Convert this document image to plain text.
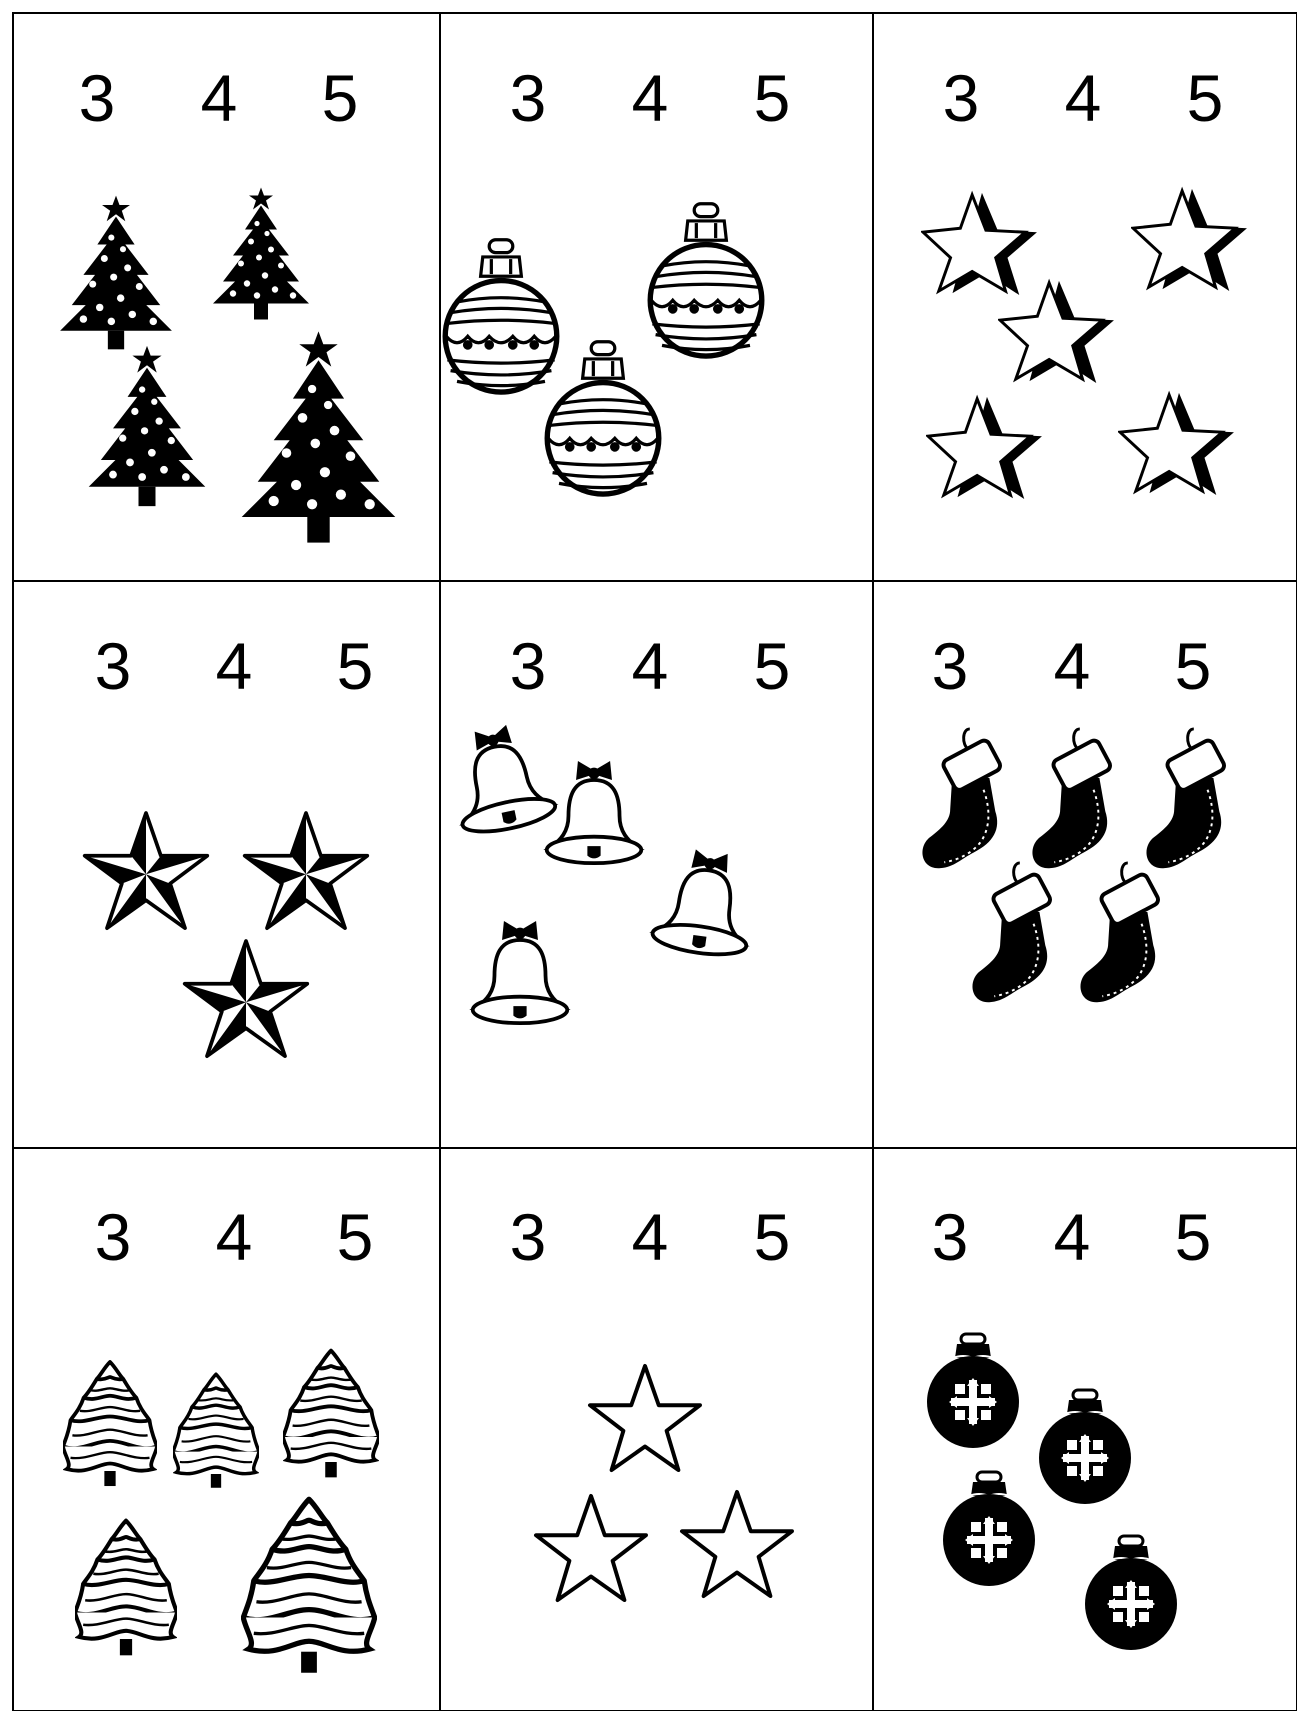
3 4 5 3 4 5 3 4 5
3 4 5 3 4 5 3 4 5
3 4 5 3 4 5 3 4 5
